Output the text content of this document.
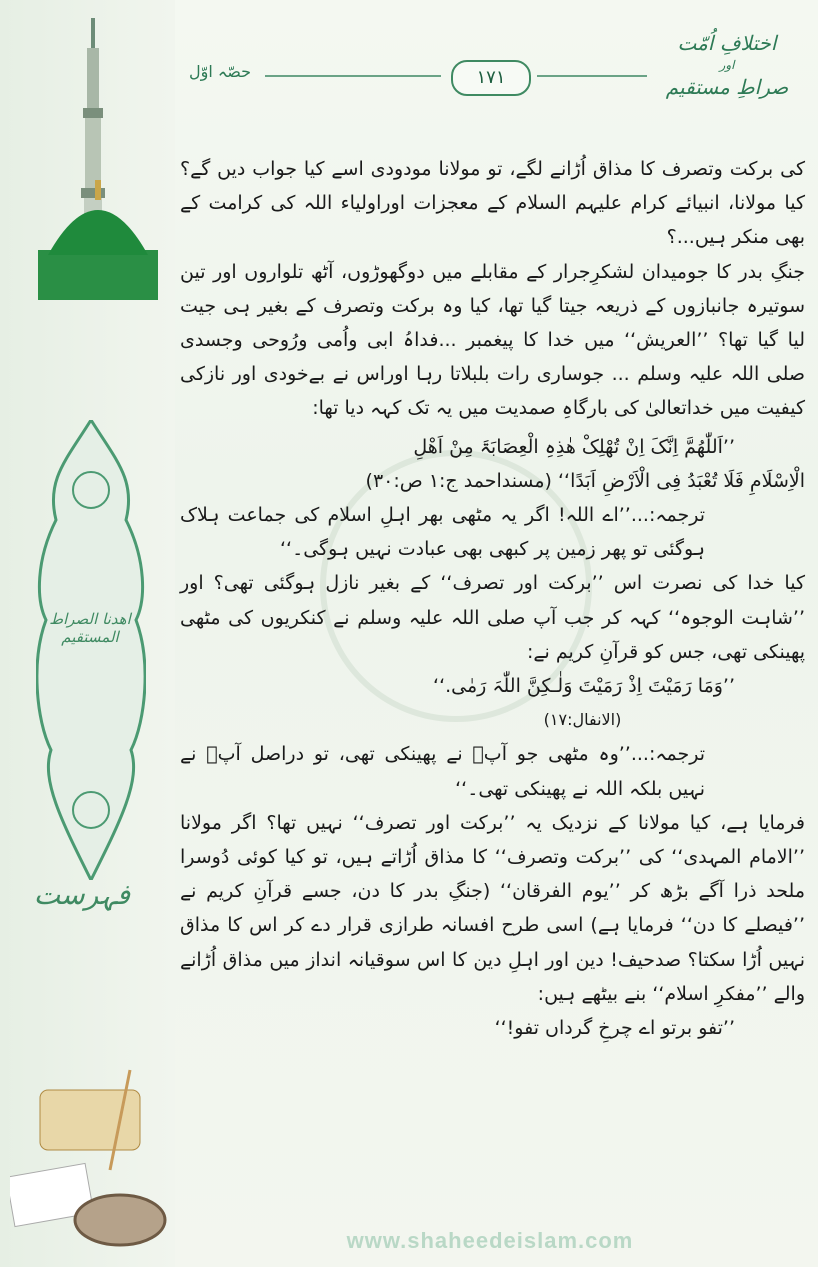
اهدنا الصراط المستقیم
فہرست
اختلافِ اُمّت
اور
صراطِ مستقیم
۱۷۱
حصّہ اوّل

کی برکت وتصرف کا مذاق اُڑانے لگے، تو مولانا مودودی اسے کیا جواب دیں گے؟ کیا مولانا، انبیائے کرام علیہم السلام کے معجزات اوراولیاء اللہ کی کرامت کے بھی منکر ہیں...؟

جنگِ بدر کا جومیدان لشکرِجرار کے مقابلے میں دوگھوڑوں، آٹھ تلواروں اور تین سوتیرہ جانبازوں کے ذریعہ جیتا گیا تھا، کیا وہ برکت وتصرف کے بغیر ہی جیت لیا گیا تھا؟ ’’العریش‘‘ میں خدا کا پیغمبر ...فداہُ ابی واُمی ورُوحی وجسدی صلی اللہ علیہ وسلم ... جوساری رات بلبلاتا رہا اوراس نے بےخودی اور نازکی کیفیت میں خداتعالیٰ کی بارگاہِ صمدیت میں یہ تک کہہ دیا تھا:

’’اَللّٰھُمَّ اِنَّکَ اِنْ تُھْلِکْ ھٰذِہِ الْعِصَابَۃَ مِنْ اَھْلِ

الْاِسْلَامِ فَلَا تُعْبَدُ فِی الْاَرْضِ اَبَدًا‘‘ (مسنداحمد ج:۱ ص:۳۰)

ترجمہ:...’’اے اللہ! اگر یہ مٹھی بھر اہلِ اسلام کی جماعت ہلاک ہوگئی تو پھر زمین پر کبھی بھی عبادت نہیں ہوگی۔‘‘

کیا خدا کی نصرت اس ’’برکت اور تصرف‘‘ کے بغیر نازل ہوگئی تھی؟ اور ’’شاہت الوجوہ‘‘ کہہ کر جب آپ صلی اللہ علیہ وسلم نے کنکریوں کی مٹھی پھینکی تھی، جس کو قرآنِ کریم نے:

’’وَمَا رَمَیْتَ اِذْ رَمَیْتَ وَلٰـکِنَّ اللّٰہَ رَمٰی.‘‘

(الانفال:۱۷)

ترجمہ:...’’وہ مٹھی جو آپؐ نے پھینکی تھی، تو دراصل آپؐ نے نہیں بلکہ اللہ نے پھینکی تھی۔‘‘

فرمایا ہے، کیا مولانا کے نزدیک یہ ’’برکت اور تصرف‘‘ نہیں تھا؟ اگر مولانا ’’الامام المہدی‘‘ کی ’’برکت وتصرف‘‘ کا مذاق اُڑاتے ہیں، تو کیا کوئی دُوسرا ملحد ذرا آگے بڑھ کر ’’یوم الفرقان‘‘ (جنگِ بدر کا دن، جسے قرآنِ کریم نے ’’فیصلے کا دن‘‘ فرمایا ہے) اسی طرح افسانہ طرازی قرار دے کر اس کا مذاق نہیں اُڑا سکتا؟ صدحیف! دین اور اہلِ دین کا اس سوقیانہ انداز میں مذاق اُڑانے والے ’’مفکرِ اسلام‘‘ بنے بیٹھے ہیں:

’’تفو برتو اے چرخِ گرداں تفو!‘‘

www.shaheedeislam.com
